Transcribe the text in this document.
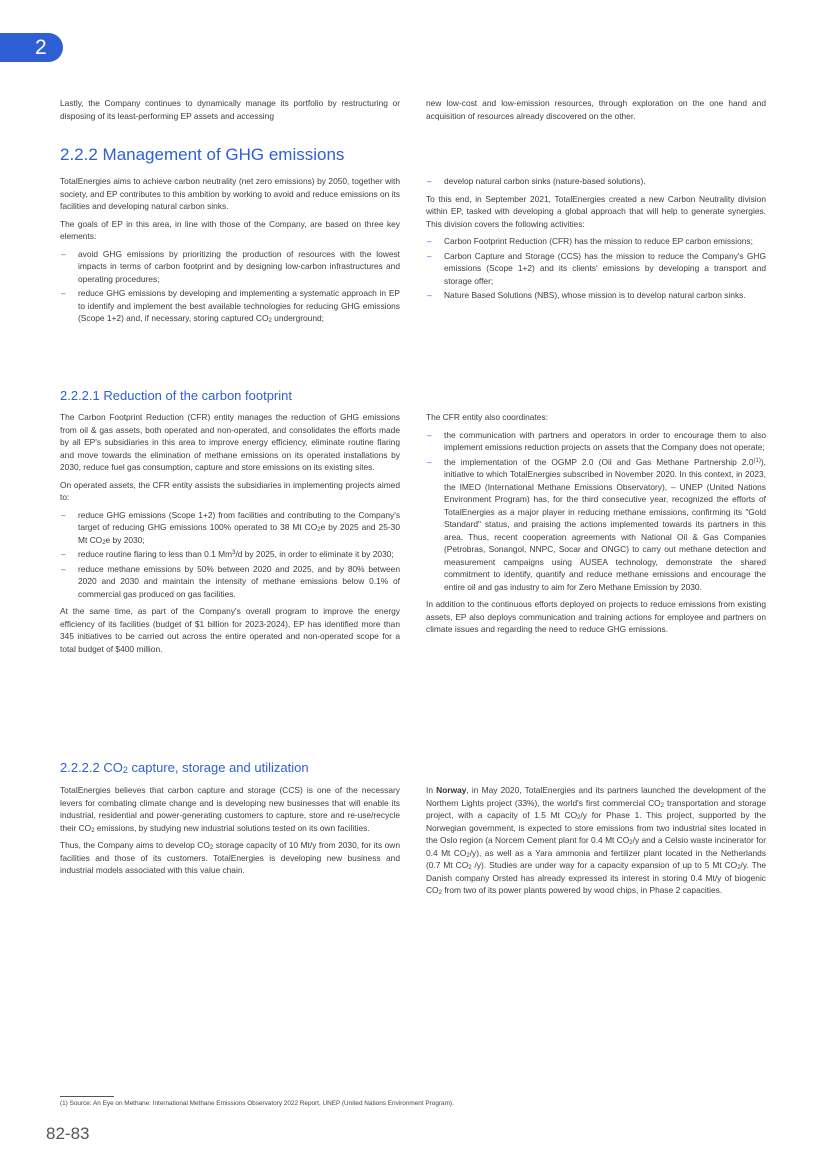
2

Lastly, the Company continues to dynamically manage its portfolio by restructuring or disposing of its least-performing EP assets and accessing

new low-cost and low-emission resources, through exploration on the one hand and acquisition of resources already discovered on the other.

2.2.2 Management of GHG emissions

TotalEnergies aims to achieve carbon neutrality (net zero emissions) by 2050, together with society, and EP contributes to this ambition by working to avoid and reduce emissions on its facilities and developing natural carbon sinks.

The goals of EP in this area, in line with those of the Company, are based on three key elements:

– avoid GHG emissions by prioritizing the production of resources with the lowest impacts in terms of carbon footprint and by designing low-carbon infrastructures and operating procedures;
– reduce GHG emissions by developing and implementing a systematic approach in EP to identify and implement the best available technologies for reducing GHG emissions (Scope 1+2) and, if necessary, storing captured $CO_2$ underground;
– develop natural carbon sinks (nature-based solutions).

To this end, in September 2021, TotalEnergies created a new Carbon Neutrality division within EP, tasked with developing a global approach that will help to generate synergies. This division covers the following activities:

– Carbon Footprint Reduction (CFR) has the mission to reduce EP carbon emissions;
– Carbon Capture and Storage (CCS) has the mission to reduce the Company's GHG emissions (Scope 1+2) and its clients' emissions by developing a transport and storage offer;
– Nature Based Solutions (NBS), whose mission is to develop natural carbon sinks.
2.2.2.1 Reduction of the carbon footprint

The Carbon Footprint Reduction (CFR) entity manages the reduction of GHG emissions from oil & gas assets, both operated and non-operated, and consolidates the efforts made by all EP's subsidiaries in this area to improve energy efficiency, eliminate routine flaring and move towards the elimination of methane emissions on its operated installations by 2030, reduce fuel gas consumption, capture and store emissions on its existing sites.

On operated assets, the CFR entity assists the subsidiaries in implementing projects aimed to:

– reduce GHG emissions (Scope 1+2) from facilities and contributing to the Company's target of reducing GHG emissions 100% operated to 38 Mt $CO_2e$ by 2025 and 25-30 Mt $CO_2e$ by 2030;
– reduce routine flaring to less than 0.1 Mm$^3$/d by 2025, in order to eliminate it by 2030;
– reduce methane emissions by 50% between 2020 and 2025, and by 80% between 2020 and 2030 and maintain the intensity of methane emissions below 0.1% of commercial gas produced on gas facilities.

At the same time, as part of the Company's overall program to improve the energy efficiency of its facilities (budget of $1 billion for 2023-2024), EP has identified more than 345 initiatives to be carried out across the entire operated and non-operated scope for a total budget of $400 million.

The CFR entity also coordinates:

– the communication with partners and operators in order to encourage them to also implement emissions reduction projects on assets that the Company does not operate;
– the implementation of the OGMP 2.0 (Oil and Gas Methane Partnership 2.0$^{(1)}$), initiative to which TotalEnergies subscribed in November 2020. In this context, in 2023, the IMEO (International Methane Emissions Observatory), – UNEP (United Nations Environment Program) has, for the third consecutive year, recognized the efforts of TotalEnergies as a major player in reducing methane emissions, confirming its "Gold Standard" status, and praising the actions implemented towards its partners in this area. Thus, recent cooperation agreements with National Oil & Gas Companies (Petrobras, Sonangol, NNPC, Socar and ONGC) to carry out methane detection and measurement campaigns using AUSEA technology, demonstrate the shared commitment to identify, quantify and reduce methane emissions and encourage the entire oil and gas industry to aim for Zero Methane Emission by 2030.

In addition to the continuous efforts deployed on projects to reduce emissions from existing assets, EP also deploys communication and training actions for employee and partners on climate issues and regarding the need to reduce GHG emissions.

2.2.2.2 $CO_2$ capture, storage and utilization

TotalEnergies believes that carbon capture and storage (CCS) is one of the necessary levers for combating climate change and is developing new businesses that will enable its industrial, residential and power-generating customers to capture, store and re-use/recycle their $CO_2$ emissions, by studying new industrial solutions tested on its own facilities.

Thus, the Company aims to develop $CO_2$ storage capacity of 10 Mt/y from 2030, for its own facilities and those of its customers. TotalEnergies is developing new business and industrial models associated with this value chain.

In Norway, in May 2020, TotalEnergies and its partners launched the development of the Northern Lights project (33%), the world's first commercial $CO_2$ transportation and storage project, with a capacity of 1.5 Mt $CO_2/y$ for Phase 1. This project, supported by the Norwegian government, is expected to store emissions from two industrial sites located in the Oslo region (a Norcem Cement plant for 0.4 Mt $CO_2/y$ and a Celsio waste incinerator for 0.4 Mt $CO_2/y$), as well as a Yara ammonia and fertilizer plant located in the Netherlands (0.7 Mt $CO_2$ /y). Studies are under way for a capacity expansion of up to 5 Mt $CO_2/y$. The Danish company Orsted has already expressed its interest in storing 0.4 Mt/y of biogenic $CO_2$ from two of its power plants powered by wood chips, in Phase 2 capacities.

(1) Source: An Eye on Methane: International Methane Emissions Observatory 2022 Report, UNEP (United Nations Environment Program).
82-83
